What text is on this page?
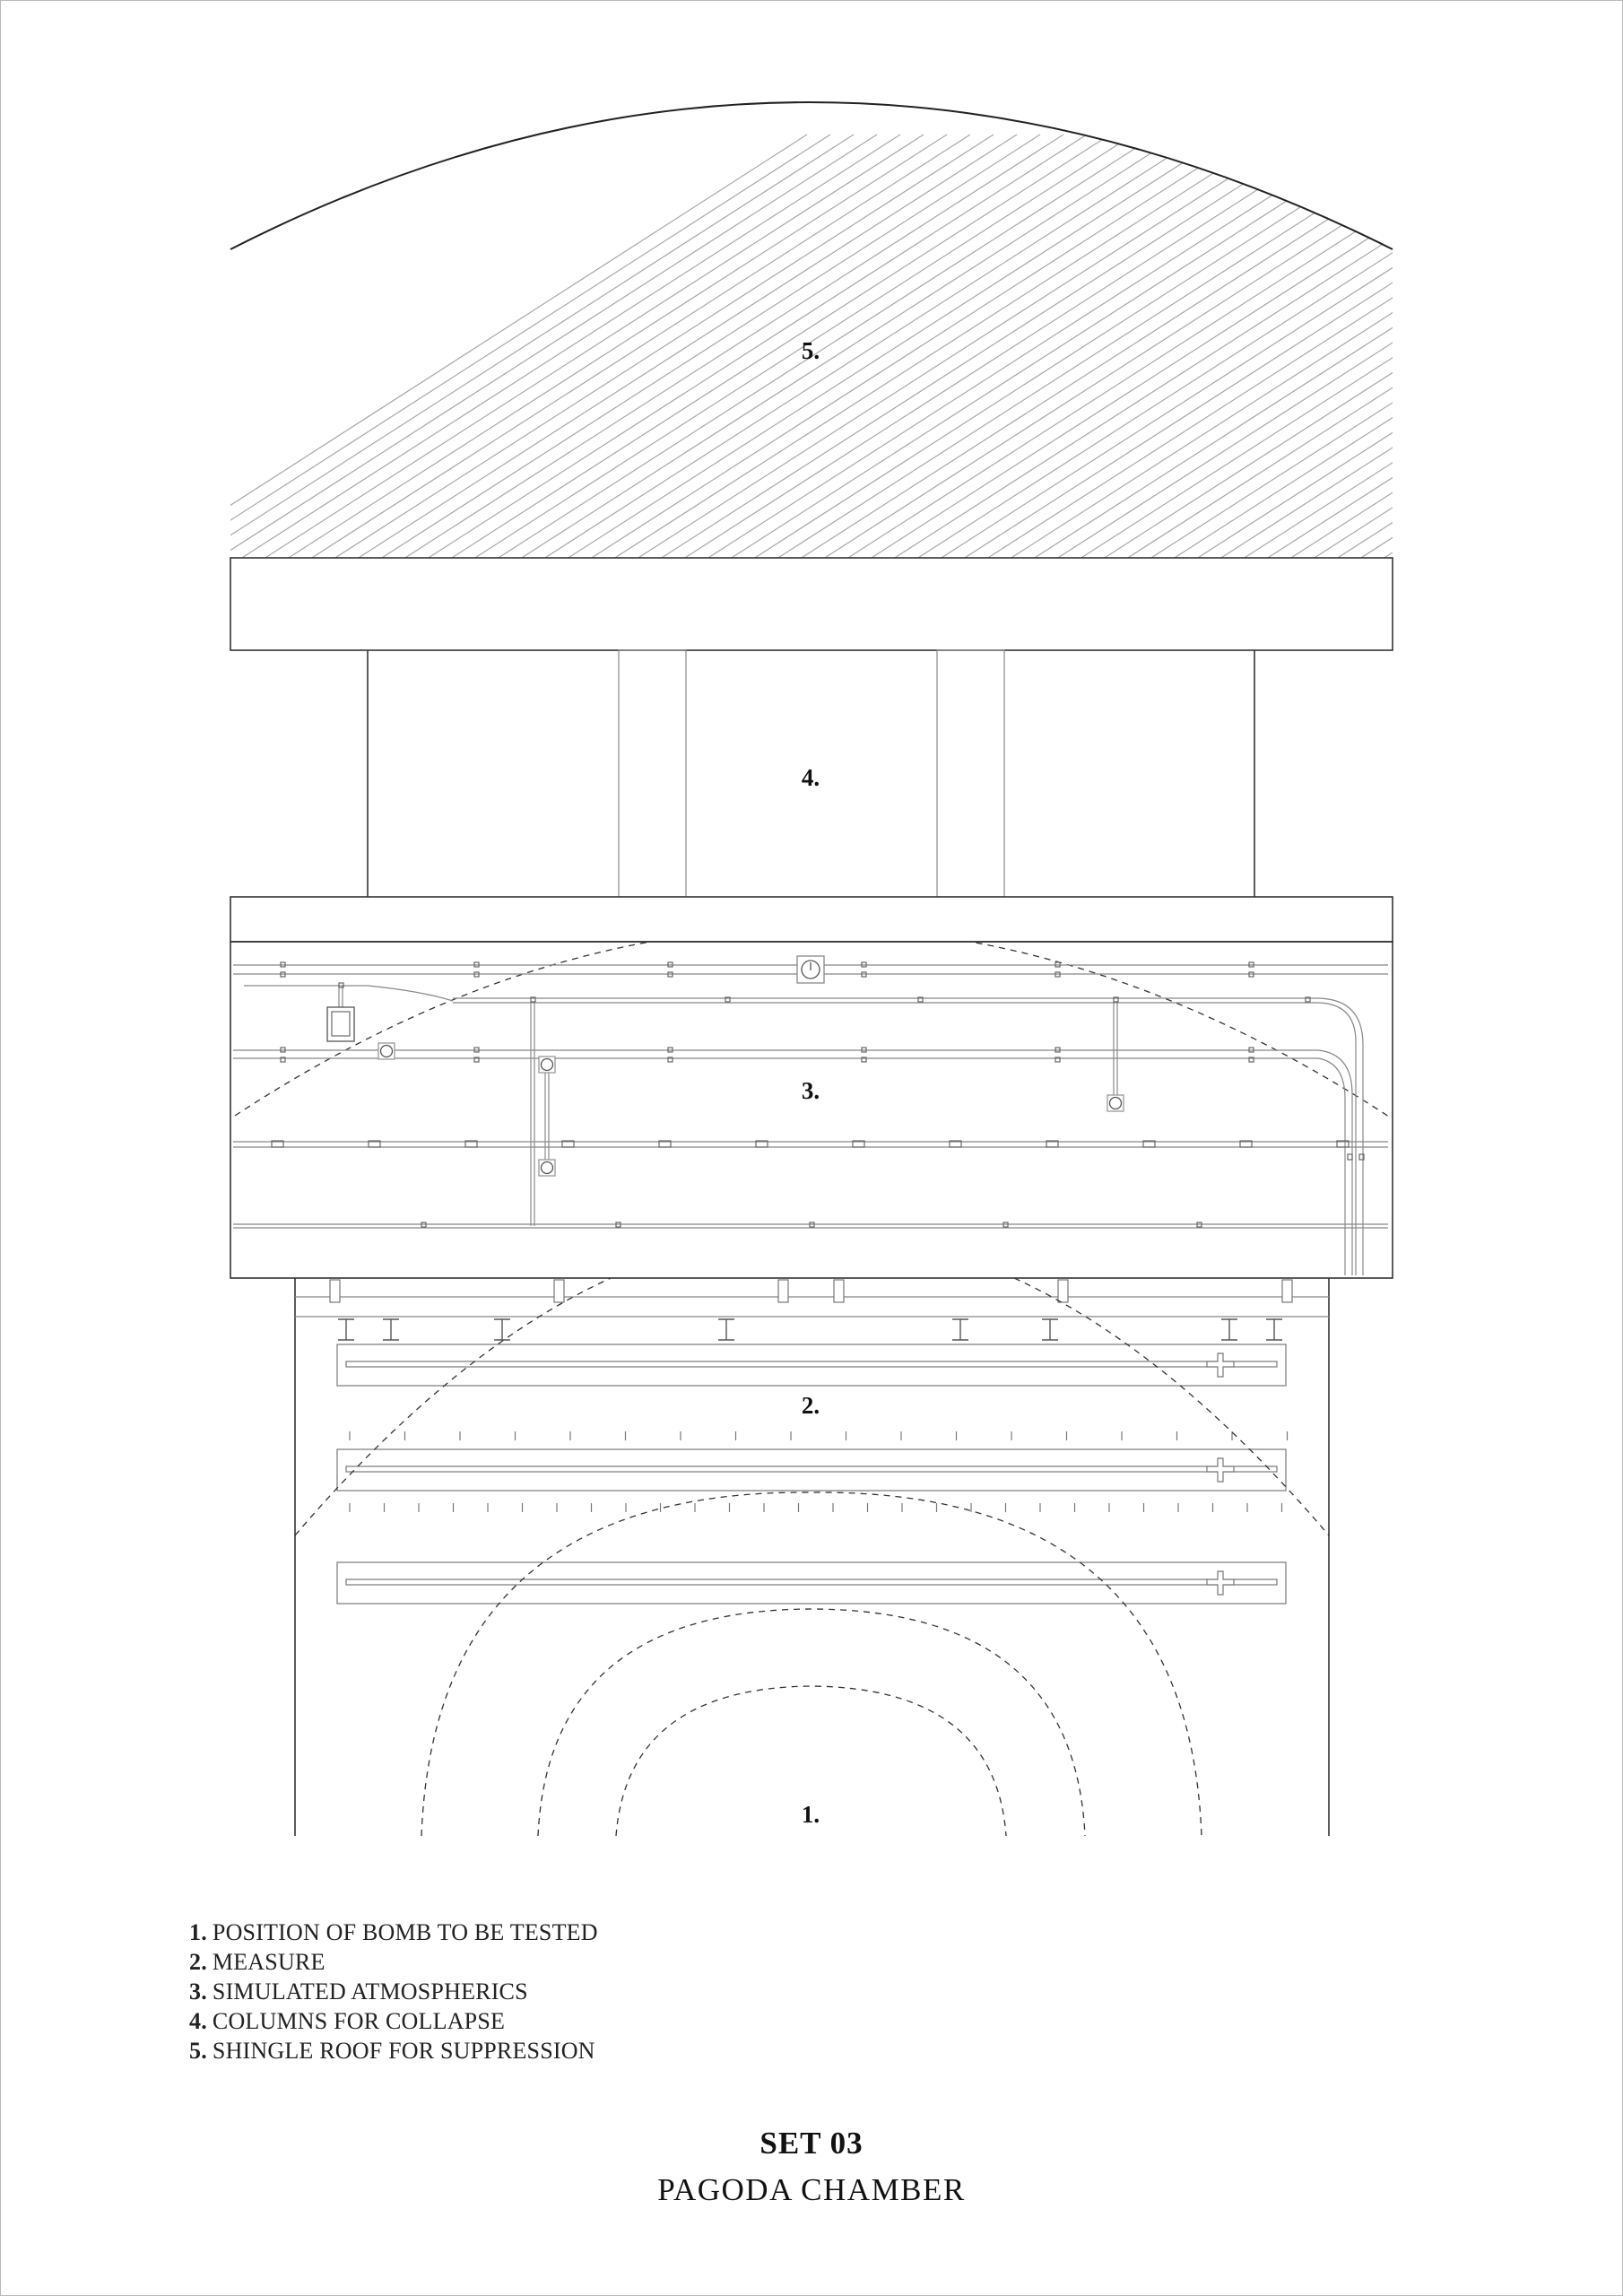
5.
4.
3.
2.
1.
1. POSITION OF BOMB TO BE TESTED
2. MEASURE
3. SIMULATED ATMOSPHERICS
4. COLUMNS FOR COLLAPSE
5. SHINGLE ROOF FOR SUPPRESSION
SET 03
PAGODA CHAMBER
